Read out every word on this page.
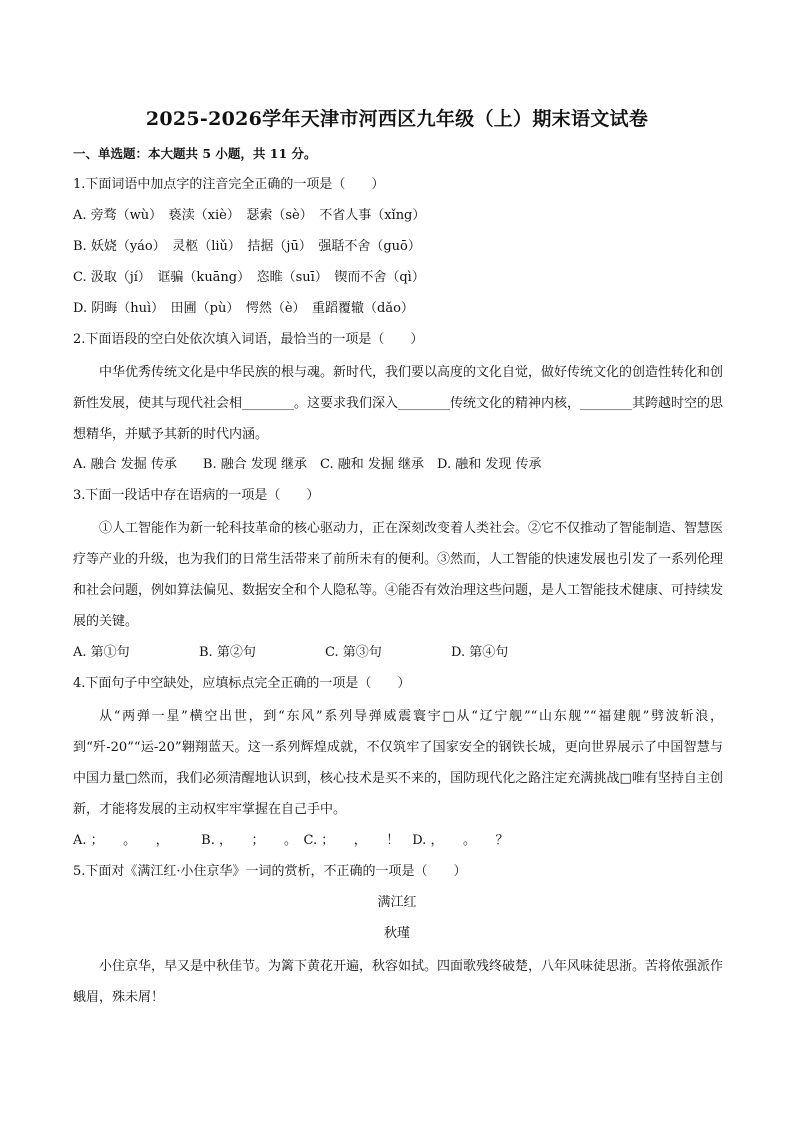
2025-2026学年天津市河西区九年级（上）期末语文试卷
一、单选题：本大题共 5 小题，共 11 分。
1.下面词语中加点字的注音完全正确的一项是（　　）
A. 旁骛（wù）　亵渎（xiè）　瑟索（sè）　不省人事（xǐng）
B. 妖娆（yáo）　灵柩（liǔ）　拮据（jū）　强聒不舍（guō）
C. 汲取（jí）　诓骗（kuāng）　恣睢（suī）　锲而不舍（qì）
D. 阴晦（huì）　田圃（pù）　愕然（è）　重蹈覆辙（dǎo）
2.下面语段的空白处依次填入词语，最恰当的一项是（　　）
中华优秀传统文化是中华民族的根与魂。新时代，我们要以高度的文化自觉，做好传统文化的创造性转化和创新性发展，使其与现代社会相________。这要求我们深入________传统文化的精神内核，________其跨越时空的思想精华，并赋予其新的时代内涵。
A. 融合 发掘 传承　　B. 融合 发现 继承　C. 融和 发掘 继承　D. 融和 发现 传承
3.下面一段话中存在语病的一项是（　　）
①人工智能作为新一轮科技革命的核心驱动力，正在深刻改变着人类社会。②它不仅推动了智能制造、智慧医疗等产业的升级，也为我们的日常生活带来了前所未有的便利。③然而，人工智能的快速发展也引发了一系列伦理和社会问题，例如算法偏见、数据安全和个人隐私等。④能否有效治理这些问题，是人工智能技术健康、可持续发展的关键。
A. 第①句	B. 第②句	C. 第③句	D. 第④句
4.下面句子中空缺处，应填标点完全正确的一项是（　　）
从“两弹一星”横空出世，到“东风”系列导弹威震寰宇□从“辽宁舰”“山东舰”“福建舰”劈波斩浪，到“歼-20”“运-20”翱翔蓝天。这一系列辉煌成就，不仅筑牢了国家安全的钢铁长城，更向世界展示了中国智慧与中国力量□然而，我们必须清醒地认识到，核心技术是买不来的，国防现代化之路注定充满挑战□唯有坚持自主创新，才能将发展的主动权牢牢掌握在自己手中。
A. ；　　。　　，　　　B. ，　　；　　。　C. ；　　，　　！　D. ，　　。　　？
5.下面对《满江红·小住京华》一词的赏析，不正确的一项是（　　）
满江红
秋瑾
小住京华，早又是中秋佳节。为篱下黄花开遍，秋容如拭。四面歌残终破楚，八年风味徒思浙。苦将侬强派作蛾眉，殊未屑！
